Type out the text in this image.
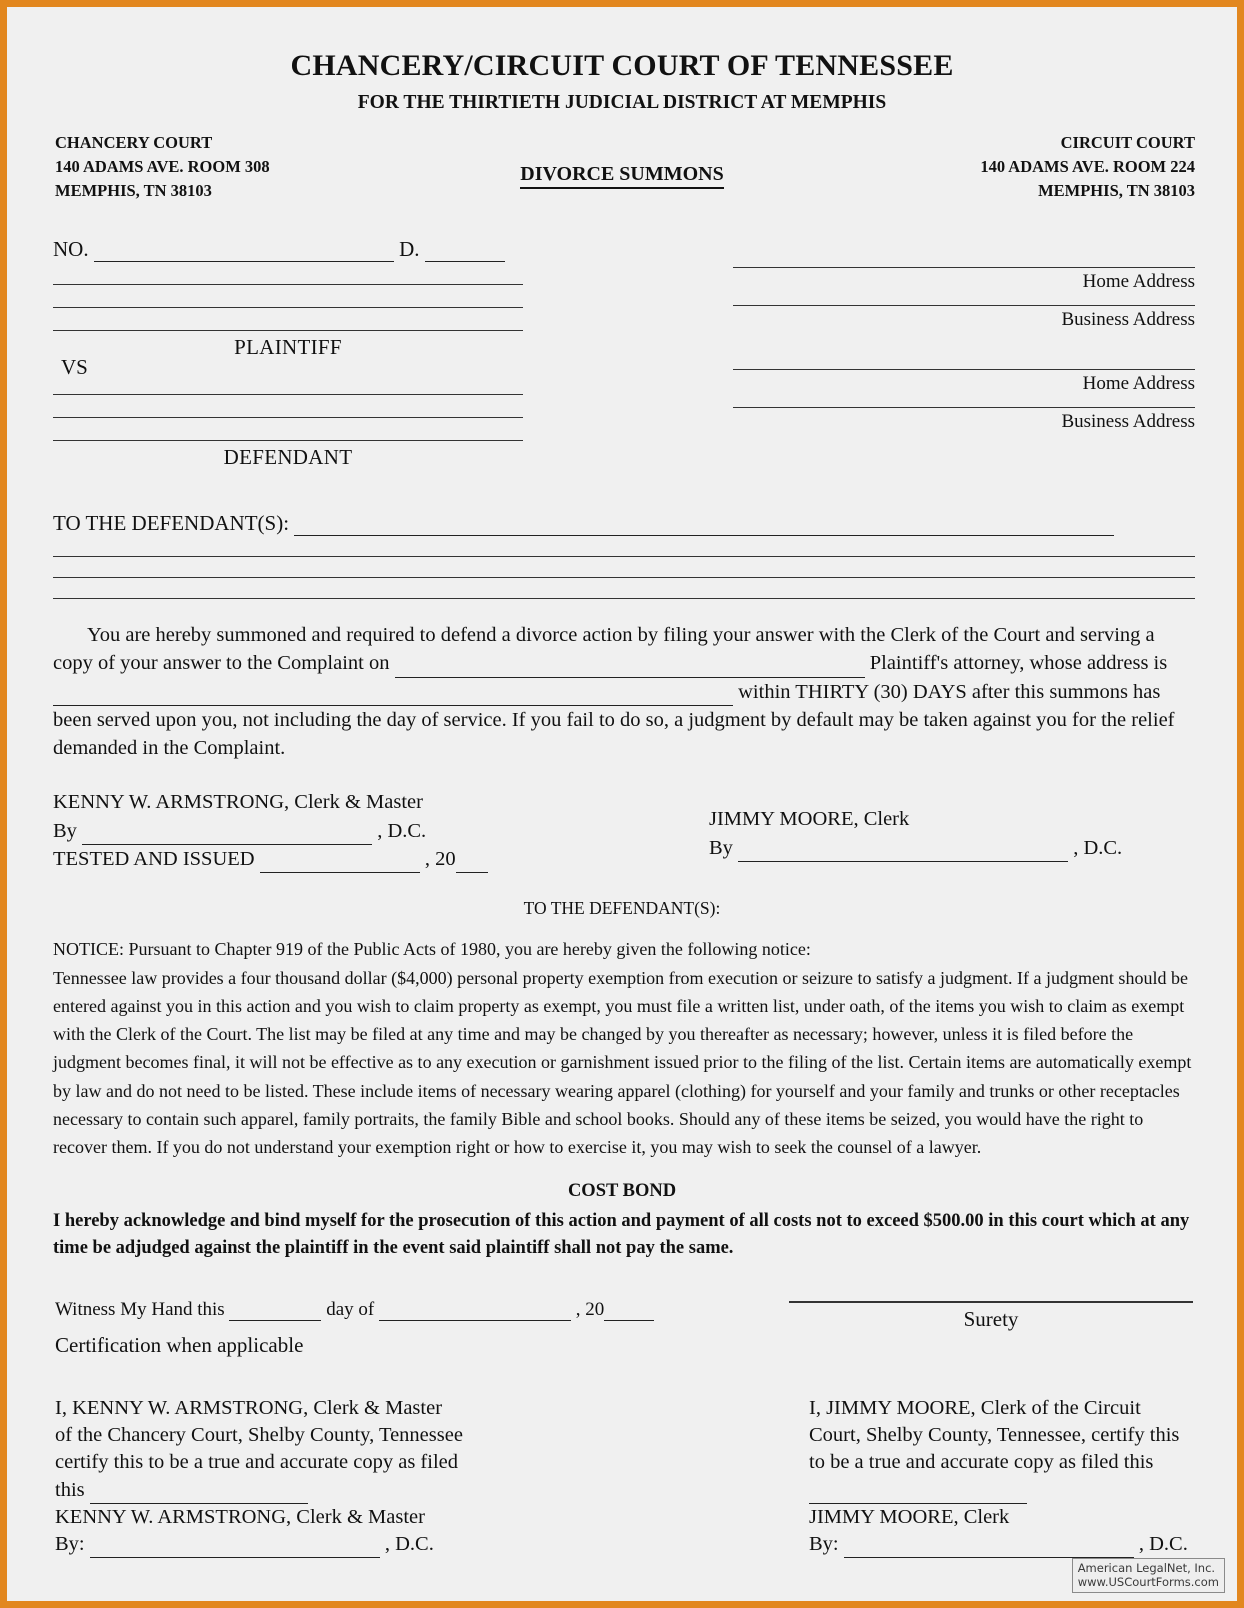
CHANCERY/CIRCUIT COURT OF TENNESSEE
FOR THE THIRTIETH JUDICIAL DISTRICT AT MEMPHIS
CHANCERY COURT
140 ADAMS AVE. ROOM 308
MEMPHIS, TN 38103
DIVORCE SUMMONS
CIRCUIT COURT
140 ADAMS AVE. ROOM 224
MEMPHIS, TN 38103
NO.	D.
PLAINTIFF
DEFENDANT
VS
Home Address
Business Address
Home Address
Business Address
TO THE DEFENDANT(S):
You are hereby summoned and required to defend a divorce action by filing your answer with the Clerk of the Court and serving a copy of your answer to the Complaint on	Plaintiff's attorney, whose address is  within THIRTY (30) DAYS after this summons has been served upon you, not including the day of service. If you fail to do so, a judgment by default may be taken against you for the relief demanded in the Complaint.
KENNY W. ARMSTRONG, Clerk & Master
By	, D.C.
TESTED AND ISSUED	, 20
JIMMY MOORE, Clerk
By	, D.C.
TO THE DEFENDANT(S):
NOTICE: Pursuant to Chapter 919 of the Public Acts of 1980, you are hereby given the following notice:
Tennessee law provides a four thousand dollar ($4,000) personal property exemption from execution or seizure to satisfy a judgment. If a judgment should be entered against you in this action and you wish to claim property as exempt, you must file a written list, under oath, of the items you wish to claim as exempt with the Clerk of the Court. The list may be filed at any time and may be changed by you thereafter as necessary; however, unless it is filed before the judgment becomes final, it will not be effective as to any execution or garnishment issued prior to the filing of the list. Certain items are automatically exempt by law and do not need to be listed. These include items of necessary wearing apparel (clothing) for yourself and your family and trunks or other receptacles necessary to contain such apparel, family portraits, the family Bible and school books. Should any of these items be seized, you would have the right to recover them. If you do not understand your exemption right or how to exercise it, you may wish to seek the counsel of a lawyer.
COST BOND
I hereby acknowledge and bind myself for the prosecution of this action and payment of all costs not to exceed $500.00 in this court which at any time be adjudged against the plaintiff in the event said plaintiff shall not pay the same.
Witness My Hand this	day of	, 20
Certification when applicable
Surety
I, KENNY W. ARMSTRONG, Clerk & Master
of the Chancery Court, Shelby County, Tennessee
certify this to be a true and accurate copy as filed
this
KENNY W. ARMSTRONG, Clerk & Master
By:	, D.C.
I, JIMMY MOORE, Clerk of the Circuit
Court, Shelby County, Tennessee, certify this
to be a true and accurate copy as filed this
JIMMY MOORE, Clerk
By:	, D.C.
American LegalNet, Inc.
www.USCourtForms.com
